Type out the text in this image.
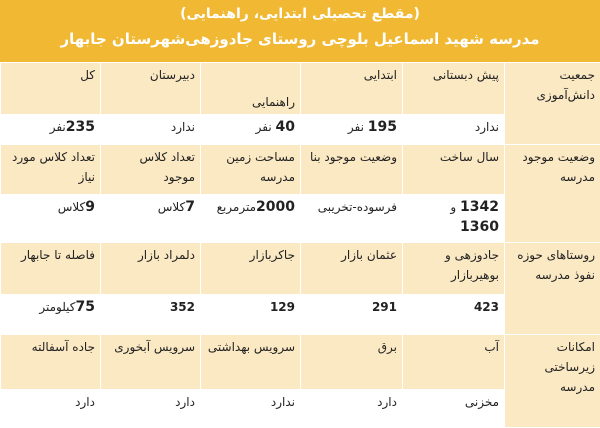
(مقطع تحصیلی ابتدایی، راهنمایی)
مدرسه شهید اسماعیل بلوچی روستای جادوزهی‌شهرستان جابهار
جمعیت دانش‌آموزی	پیش دبستانی	ابتدایی	راهنمایی	دبیرستان	کل
	ندارد	195 نفر	40 نفر	ندارد	235نفر
وضعیت موجود مدرسه	سال ساخت	وضعیت موجود بنا	مساحت زمین مدرسه	تعداد کلاس موجود	تعداد کلاس مورد نیاز
	1342 و 1360	فرسوده-تخریبی	2000مترمربع	7کلاس	9کلاس
روستاهای حوزه نفوذ مدرسه	جادوزهی و بوهیربازار	عثمان بازار	جاکربازار	دلمراد بازار	فاصله تا جابهار
	423	291	129	352	75کیلومتر
امکانات زیرساختی مدرسه	آب	برق	سرویس بهداشتی	سرویس آبخوری	جاده آسفالته
	مخزنی	دارد	ندارد	دارد	دارد
